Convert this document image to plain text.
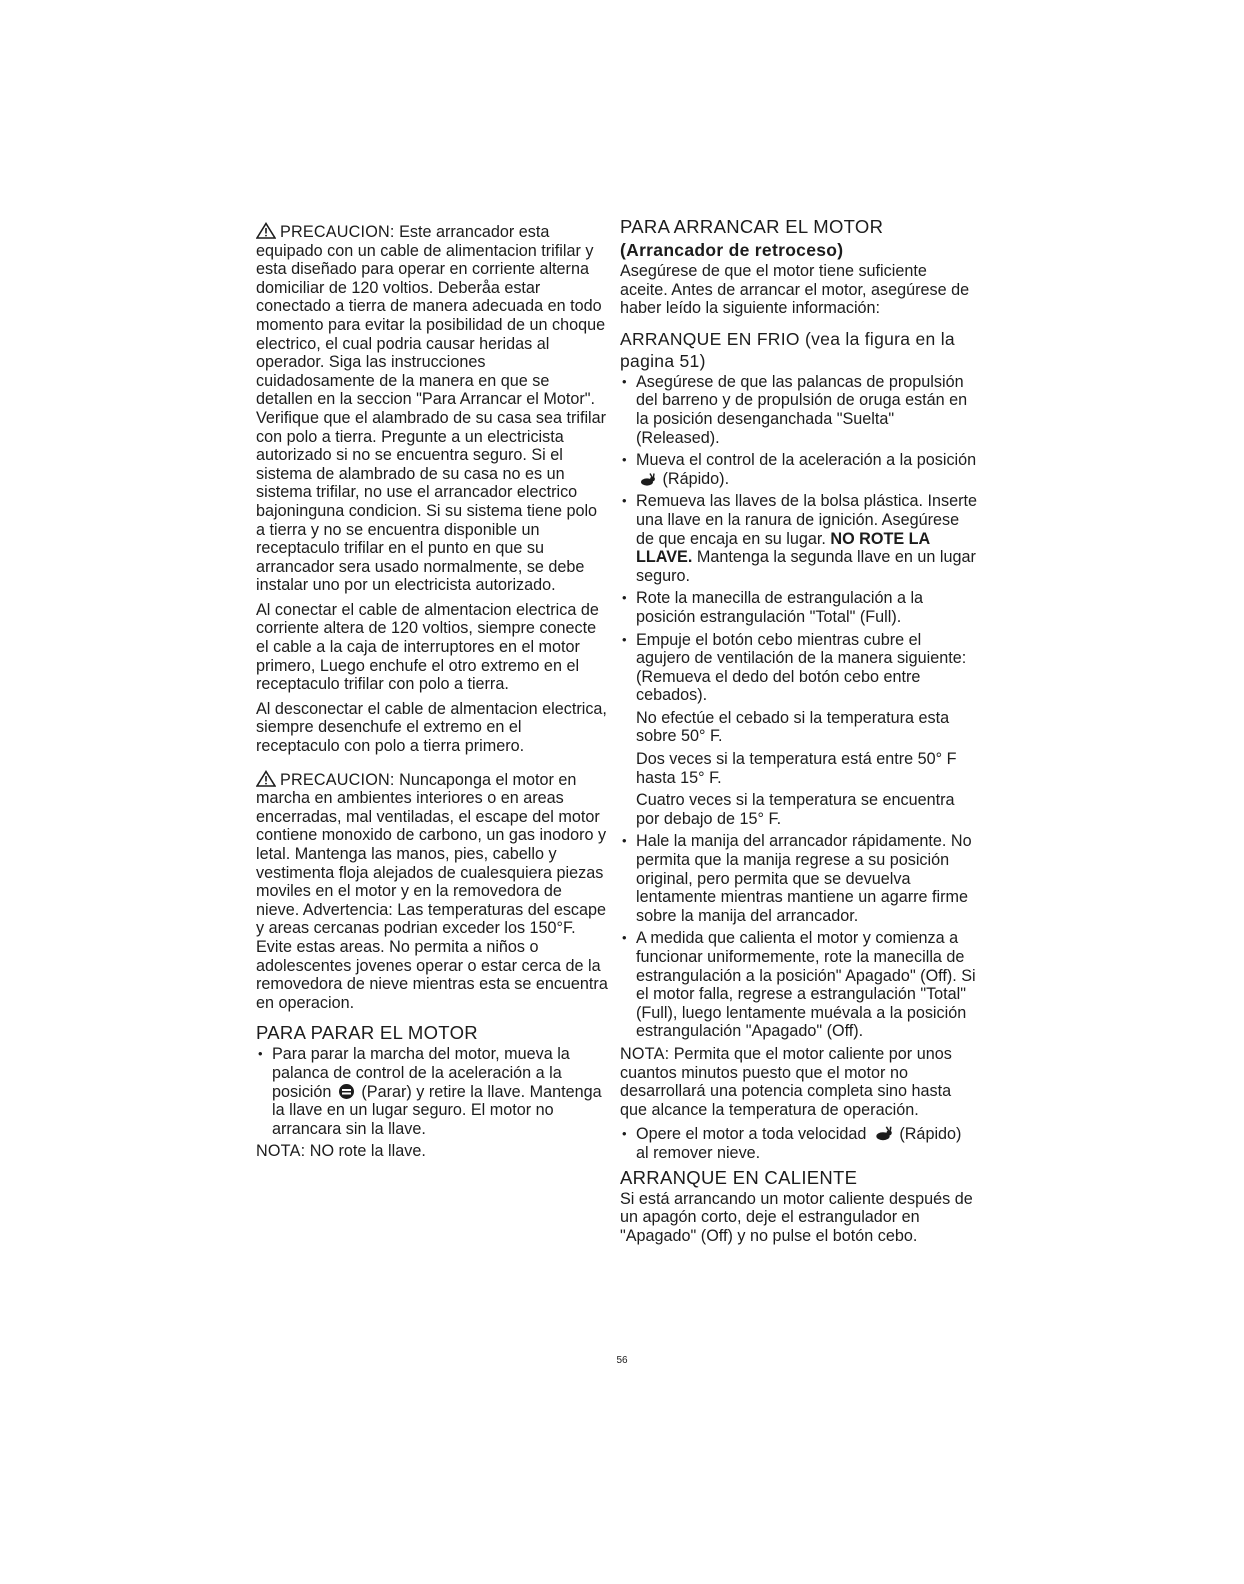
PRECAUCION: Este arrancador esta equipado con un cable de alimentacion trifilar y esta diseñado para operar en corriente alterna domiciliar de 120 voltios. Deberåa estar conectado a tierra de manera adecuada en todo momento para evitar la posibilidad de un choque electrico, el cual podria causar heridas al operador. Siga las instrucciones cuidadosamente de la manera en que se detallen en la seccion "Para Arrancar el Motor". Verifique que el alambrado de su casa sea trifilar con polo a tierra. Pregunte a un electricista autorizado si no se encuentra seguro. Si el sistema de alambrado de su casa no es un sistema trifilar, no use el arrancador electrico bajoninguna condicion. Si su sistema tiene polo a tierra y no se encuentra disponible un receptaculo trifilar en el punto en que su arrancador sera usado normalmente, se debe instalar uno por un electricista autorizado.

Al conectar el cable de almentacion electrica de corriente altera de 120 voltios, siempre conecte el cable a la caja de interruptores en el motor primero, Luego enchufe el otro extremo en el receptaculo trifilar con polo a tierra.

Al desconectar el cable de almentacion electrica, siempre desenchufe el extremo en el receptaculo con polo a tierra primero.

PRECAUCION: Nuncaponga el motor en marcha en ambientes interiores o en areas encerradas, mal ventiladas, el escape del motor contiene monoxido de carbono, un gas inodoro y letal. Mantenga las manos, pies, cabello y vestimenta floja alejados de cualesquiera piezas moviles en el motor y en la removedora de nieve. Advertencia: Las temperaturas del escape y areas cercanas podrian exceder los 150°F. Evite estas areas. No permita a niños o adolescentes jovenes operar o estar cerca de la removedora de nieve mientras esta se encuentra en operacion.

PARA PARAR EL MOTOR
• Para parar la marcha del motor, mueva la palanca de control de la aceleración a la posición  (Parar) y retire la llave. Mantenga la llave en un lugar seguro. El motor no arrancara sin la llave.

NOTA: NO rote la llave.

PARA ARRANCAR EL MOTOR
(Arrancador de retroceso)

Asegúrese de que el motor tiene suficiente aceite. Antes de arrancar el motor, asegúrese de haber leído la siguiente información:

ARRANQUE EN FRIO (vea la figura en la pagina 51)
• Asegúrese de que las palancas de propulsión del barreno y de propulsión de oruga están en la posición desenganchada "Suelta" (Released).
• Mueva el control de la aceleración a la posición  (Rápido).
• Remueva las llaves de la bolsa plástica. Inserte una llave en la ranura de ignición. Asegúrese de que encaja en su lugar. NO ROTE LA LLAVE. Mantenga la segunda llave en un lugar seguro.
• Rote la manecilla de estrangulación a la posición estrangulación "Total" (Full).
• Empuje el botón cebo mientras cubre el agujero de ventilación de la manera siguiente: (Remueva el dedo del botón cebo entre cebados).

No efectúe el cebado si la temperatura esta sobre 50° F.

Dos veces si la temperatura está entre 50° F hasta 15° F.

Cuatro veces si la temperatura se encuentra por debajo de 15° F.

• Hale la manija del arrancador rápidamente. No permita que la manija regrese a su posición original, pero permita que se devuelva lentamente mientras mantiene un agarre firme sobre la manija del arrancador.
• A medida que calienta el motor y comienza a funcionar uniformemente, rote la manecilla de estrangulación a la posición" Apagado" (Off). Si el motor falla, regrese a estrangulación "Total" (Full), luego lentamente muévala a la posición estrangulación "Apagado" (Off).

NOTA: Permita que el motor caliente por unos cuantos minutos puesto que el motor no desarrollará una potencia completa sino hasta que alcance la temperatura de operación.

• Opere el motor a toda velocidad  (Rápido) al remover nieve.
ARRANQUE EN CALIENTE

Si está arrancando un motor caliente después de un apagón corto, deje el estrangulador en "Apagado" (Off) y no pulse el botón cebo.

56
